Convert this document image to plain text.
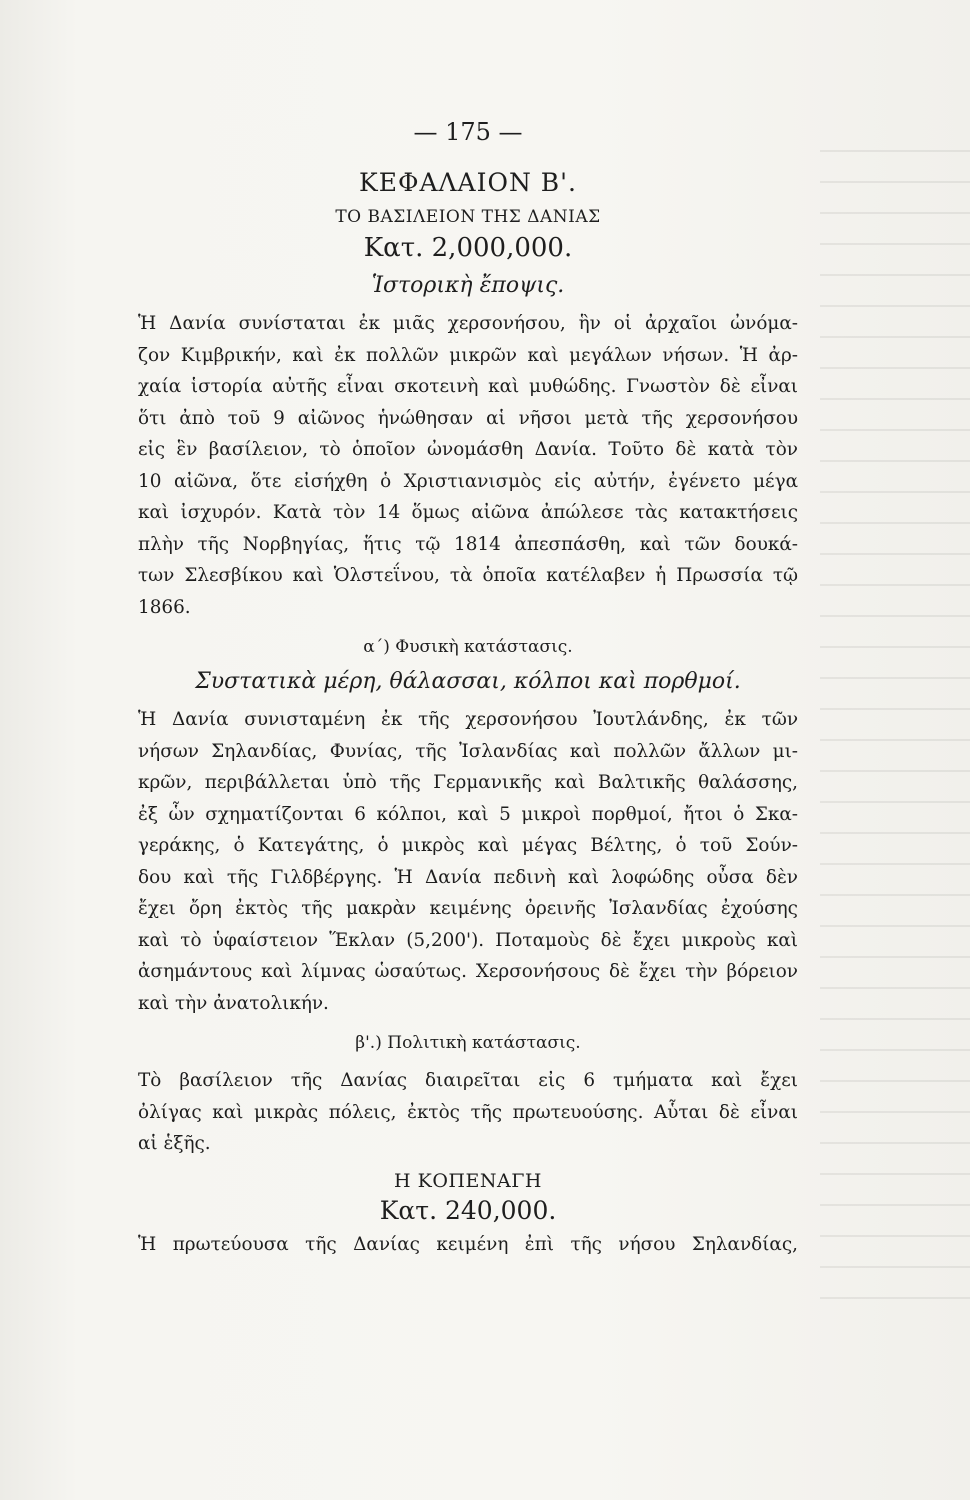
— 175 —
ΚΕΦΑΛΑΙΟΝ Β'.
ΤΟ ΒΑΣΙΛΕΙΟΝ ΤΗΣ ΔΑΝΙΑΣ
Κατ. 2,000,000.
Ἱστορικὴ ἔποψις.
Ἡ Δανία συνίσταται ἐκ μιᾶς χερσονήσου, ἣν οἱ ἀρχαῖοι ὠνόμα-
ζον Κιμβρικήν, καὶ ἐκ πολλῶν μικρῶν καὶ μεγάλων νήσων. Ἡ ἀρ-
χαία ἱστορία αὐτῆς εἶναι σκοτεινὴ καὶ μυθώδης. Γνωστὸν δὲ εἶναι
ὅτι ἀπὸ τοῦ 9 αἰῶνος ἡνώθησαν αἱ νῆσοι μετὰ τῆς χερσονήσου
εἰς ἓν βασίλειον, τὸ ὁποῖον ὠνομάσθη Δανία. Τοῦτο δὲ κατὰ τὸν
10 αἰῶνα, ὅτε εἰσήχθη ὁ Χριστιανισμὸς εἰς αὐτήν, ἐγένετο μέγα
καὶ ἰσχυρόν. Κατὰ τὸν 14 ὅμως αἰῶνα ἀπώλεσε τὰς κατακτήσεις
πλὴν τῆς Νορβηγίας, ἥτις τῷ 1814 ἀπεσπάσθη, καὶ τῶν δουκά-
των Σλεσβίκου καὶ Ὁλστεΐνου, τὰ ὁποῖα κατέλαβεν ἡ Πρωσσία τῷ
1866.
α΄) Φυσικὴ κατάστασις.
Συστατικὰ μέρη, θάλασσαι, κόλποι καὶ πορθμοί.
Ἡ Δανία συνισταμένη ἐκ τῆς χερσονήσου Ἰουτλάνδης, ἐκ τῶν
νήσων Σηλανδίας, Φυνίας, τῆς Ἰσλανδίας καὶ πολλῶν ἄλλων μι-
κρῶν, περιβάλλεται ὑπὸ τῆς Γερμανικῆς καὶ Βαλτικῆς θαλάσσης,
ἐξ ὧν σχηματίζονται 6 κόλποι, καὶ 5 μικροὶ πορθμοί, ἤτοι ὁ Σκα-
γεράκης, ὁ Κατεγάτης, ὁ μικρὸς καὶ μέγας Βέλτης, ὁ τοῦ Σούν-
δου καὶ τῆς Γιλδβέργης. Ἡ Δανία πεδινὴ καὶ λοφώδης οὖσα δὲν
ἔχει ὄρη ἐκτὸς τῆς μακρὰν κειμένης ὀρεινῆς Ἰσλανδίας ἐχούσης
καὶ τὸ ὑφαίστειον Ἕκλαν (5,200'). Ποταμοὺς δὲ ἔχει μικροὺς καὶ
ἀσημάντους καὶ λίμνας ὡσαύτως. Χερσονήσους δὲ ἔχει τὴν βόρειον
καὶ τὴν ἀνατολικήν.
β'.) Πολιτικὴ κατάστασις.
Τὸ βασίλειον τῆς Δανίας διαιρεῖται εἰς 6 τμήματα καὶ ἔχει
ὀλίγας καὶ μικρὰς πόλεις, ἐκτὸς τῆς πρωτευούσης. Αὗται δὲ εἶναι
αἱ ἑξῆς.
Η ΚΟΠΕΝΑΓΗ
Κατ. 240,000.
Ἡ πρωτεύουσα τῆς Δανίας κειμένη ἐπὶ τῆς νήσου Σηλανδίας,
